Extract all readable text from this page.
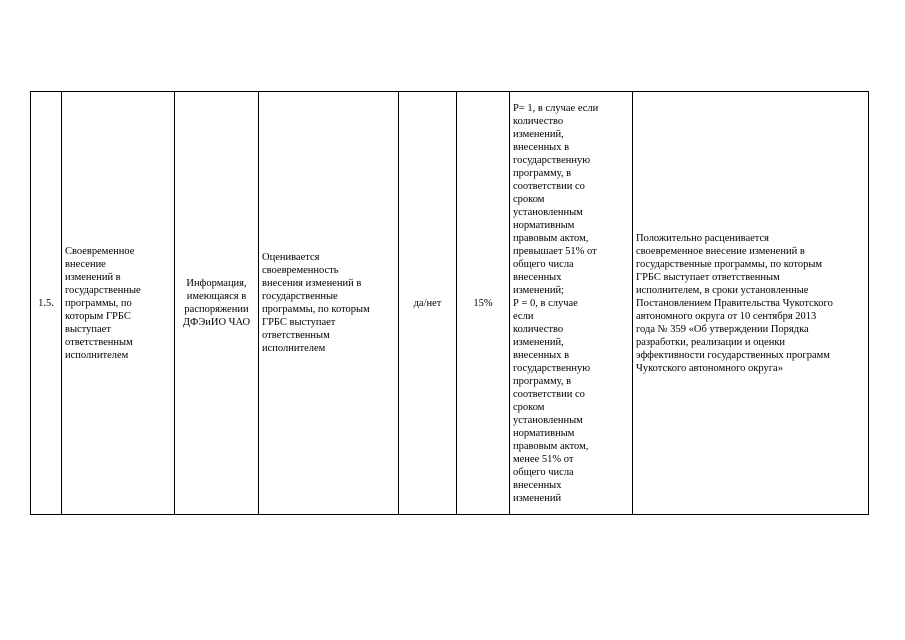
1.5.	Своевременное
внесение
изменений в
государственные
программы, по
которым ГРБС
выступает
ответственным
исполнителем	Информация,
имеющаяся в
распоряжении
ДФЭиИО ЧАО	Оценивается
своевременность
внесения изменений в
государственные
программы, по которым
ГРБС выступает
ответственным
исполнителем	да/нет	15%	Р= 1, в случае если
количество
изменений,
внесенных в
государственную
программу, в
соответствии со
сроком
установленным
нормативным
правовым актом,
превышает 51% от
общего числа
внесенных
изменений;
Р = 0, в случае
если
количество
изменений,
внесенных в
государственную
программу, в
соответствии со
сроком
установленным
нормативным
правовым актом,
менее 51% от
общего числа
внесенных
изменений	Положительно расценивается
своевременное внесение изменений в
государственные программы, по которым
ГРБС выступает ответственным
исполнителем, в сроки установленные
Постановлением Правительства Чукотского
автономного округа от 10 сентября 2013
года № 359 «Об утверждении Порядка
разработки, реализации и оценки
эффективности государственных программ
Чукотского автономного округа»
